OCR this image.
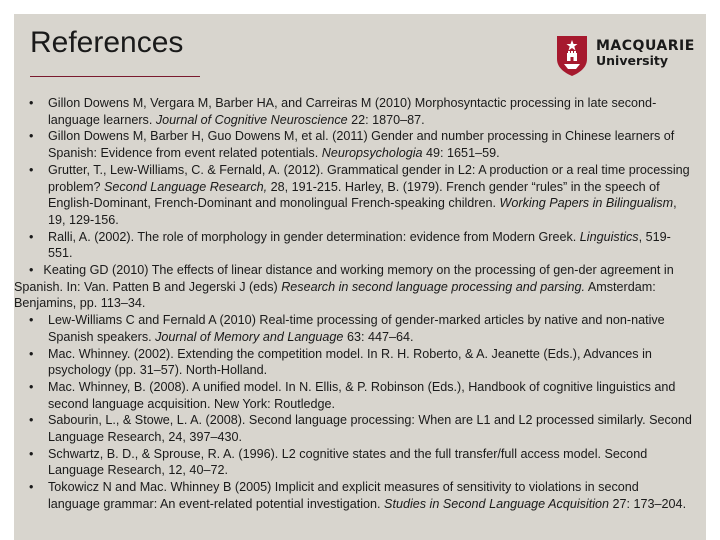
References	MACQUARIE
University
• Gillon Dowens M, Vergara M, Barber HA, and Carreiras M (2010) Morphosyntactic processing in late second-language learners. Journal of Cognitive Neuroscience 22: 1870–87.
• Gillon Dowens M, Barber H, Guo Dowens M, et al. (2011) Gender and number processing in Chinese learners of Spanish: Evidence from event related potentials. Neuropsychologia 49: 1651–59.
• Grutter, T., Lew-Williams, C. & Fernald, A. (2012). Grammatical gender in L2: A production or a real time processing problem? Second Language Research, 28, 191-215. Harley, B. (1979). French gender “rules” in the speech of English-Dominant, French-Dominant and monolingual French-speaking children. Working Papers in Bilingualism, 19, 129-156.
• Ralli, A. (2002). The role of morphology in gender determination: evidence from Modern Greek. Linguistics, 519-551.
• Keating GD (2010) The effects of linear distance and working memory on the processing of gen-der agreement in Spanish. In: Van. Patten B and Jegerski J (eds) Research in second language processing and parsing. Amsterdam: Benjamins, pp. 113–34.
• Lew-Williams C and Fernald A (2010) Real-time processing of gender-marked articles by native and non-native Spanish speakers. Journal of Memory and Language 63: 447–64.
• Mac. Whinney. (2002). Extending the competition model. In R. H. Roberto, & A. Jeanette (Eds.), Advances in psychology (pp. 31–57). North-Holland.
• Mac. Whinney, B. (2008). A unified model. In N. Ellis, & P. Robinson (Eds.), Handbook of cognitive linguistics and second language acquisition. New York: Routledge.
• Sabourin, L., & Stowe, L. A. (2008). Second language processing: When are L1 and L2 processed similarly. Second Language Research, 24, 397–430.
• Schwartz, B. D., & Sprouse, R. A. (1996). L2 cognitive states and the full transfer/full access model. Second Language Research, 12, 40–72.
• Tokowicz N and Mac. Whinney B (2005) Implicit and explicit measures of sensitivity to violations in second language grammar: An event-related potential investigation. Studies in Second Language Acquisition 27: 173–204.
